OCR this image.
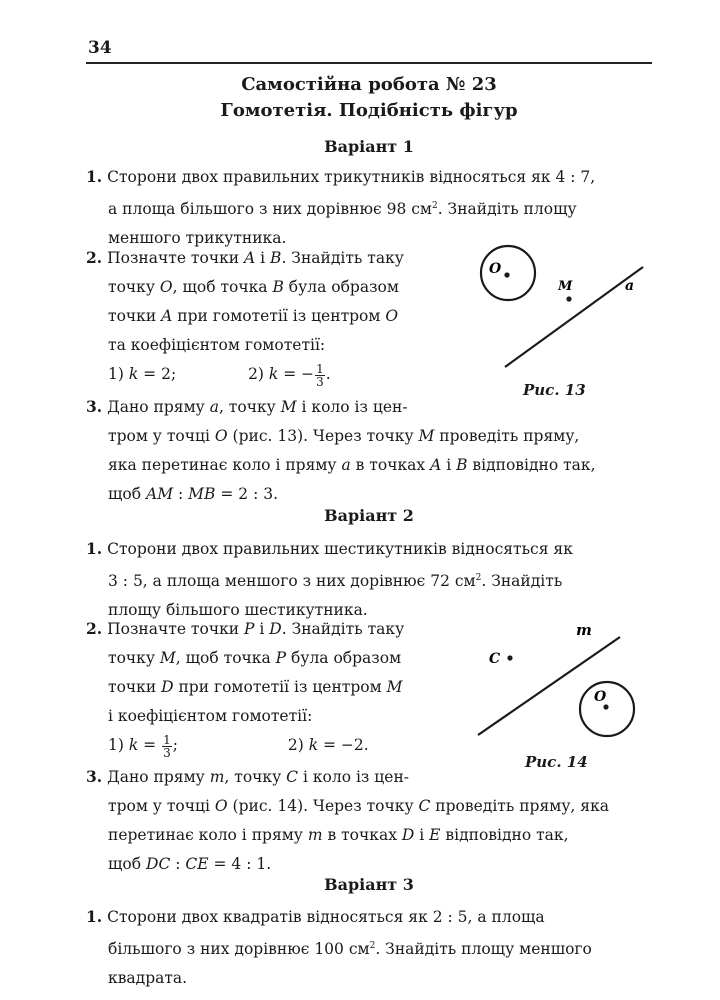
34
Самостійна робота № 23
Гомотетія. Подібність фігур
Варіант 1
1. Сторони двох правильних трикутників відносяться як 4 : 7,
а площа більшого з них дорівнює 98 $см^2$. Знайдіть площу
меншого трикутника.
2. Позначте точки A і B. Знайдіть таку
точку O, щоб точка B була образом
точки A при гомотетії із центром O
та коефіцієнтом гомотетії:
1) k = 2;	2) k = − $\frac{1}{3}$ .
3. Дано пряму a, точку M і коло із цен-
тром у точці O (рис. 13). Через точку M проведіть пряму,
яка перетинає коло і пряму a в точках A і B відповідно так,
щоб AM : MB = 2 : 3.
O
M	a
Рис. 13
Варіант 2
1. Сторони двох правильних шестикутників відносяться як
3 : 5, а площа меншого з них дорівнює 72 $см^2$. Знайдіть
площу більшого шестикутника.
2. Позначте точки P і D. Знайдіть таку
точку M, щоб точка P була образом
точки D при гомотетії із центром M
і коефіцієнтом гомотетії:
1) $k = \frac{1}{3}$ ;	2) k = −2.
3. Дано пряму m, точку C і коло із цен-
тром у точці O (рис. 14). Через точку C проведіть пряму, яка
перетинає коло і пряму m в точках D і E відповідно так,
щоб DC : CE = 4 : 1.
m
C
O
Рис. 14
Варіант 3
1. Сторони двох квадратів відносяться як 2 : 5, а площа
більшого з них дорівнює 100 $см^2$. Знайдіть площу меншого
квадрата.
